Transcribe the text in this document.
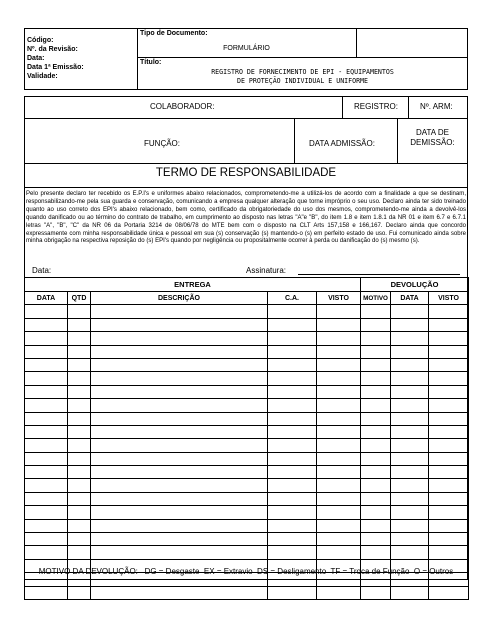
Código:
Nº. da Revisão:
Data:
Data 1ª Emissão:
Validade:
Tipo de Documento:
FORMULÁRIO
Título:
REGISTRO DE FORNECIMENTO DE EPI - EQUIPAMENTOS
DE PROTEÇÃO INDIVIDUAL E UNIFORME
COLABORADOR:	REGISTRO:	Nº. ARM:
FUNÇÃO:	DATA ADMISSÃO:
DATA DE
DEMISSÃO:
TERMO DE RESPONSABILIDADE
Pelo presente declaro ter recebido os E.P.I's e uniformes abaixo relacionados, comprometendo-me a utilizá-los de acordo com a finalidade a que se destinam, responsabilizando-me pela sua guarda e conservação, comunicando a empresa qualquer alteração que torne impróprio o seu uso. Declaro ainda ter sido treinado quanto ao uso correto dos EPI's abaixo relacionado, bem como, certificado da obrigatoriedade do uso dos mesmos, comprometendo-me ainda a devolvê-los quando danificado ou ao término do contrato de trabalho, em cumprimento ao disposto nas letras "A"e "B", do item 1.8 e item 1.8.1 da NR 01 e item 6.7 e 6.7.1 letras "A", "B", "C" da NR 06 da Portaria 3214 de 08/06/78 do MTE bem com o disposto na CLT Arts 157,158 e 166,167. Declaro ainda que concordo expressamente com minha responsabilidade única e pessoal em sua (s) conservação (s) mantendo-o (s) em perfeito estado de uso. Fui comunicado ainda sobre minha obrigação na respectiva reposição do (s) EPI's quando por negligência ou propositalmente ocorrer à perda ou danificação do (s) mesmo (s).
Data:	Assinatura:
ENTREGA					DEVOLUÇÃO		
DATA	QTD	DESCRIÇÃO	C.A.	VISTO	MOTIVO	DATA	VISTO

MOTIVO DA DEVOLUÇÃO:   DG = Desgaste  EX = Extravio  DS = Desligamento  TF = Troca de Função  O = Outros
